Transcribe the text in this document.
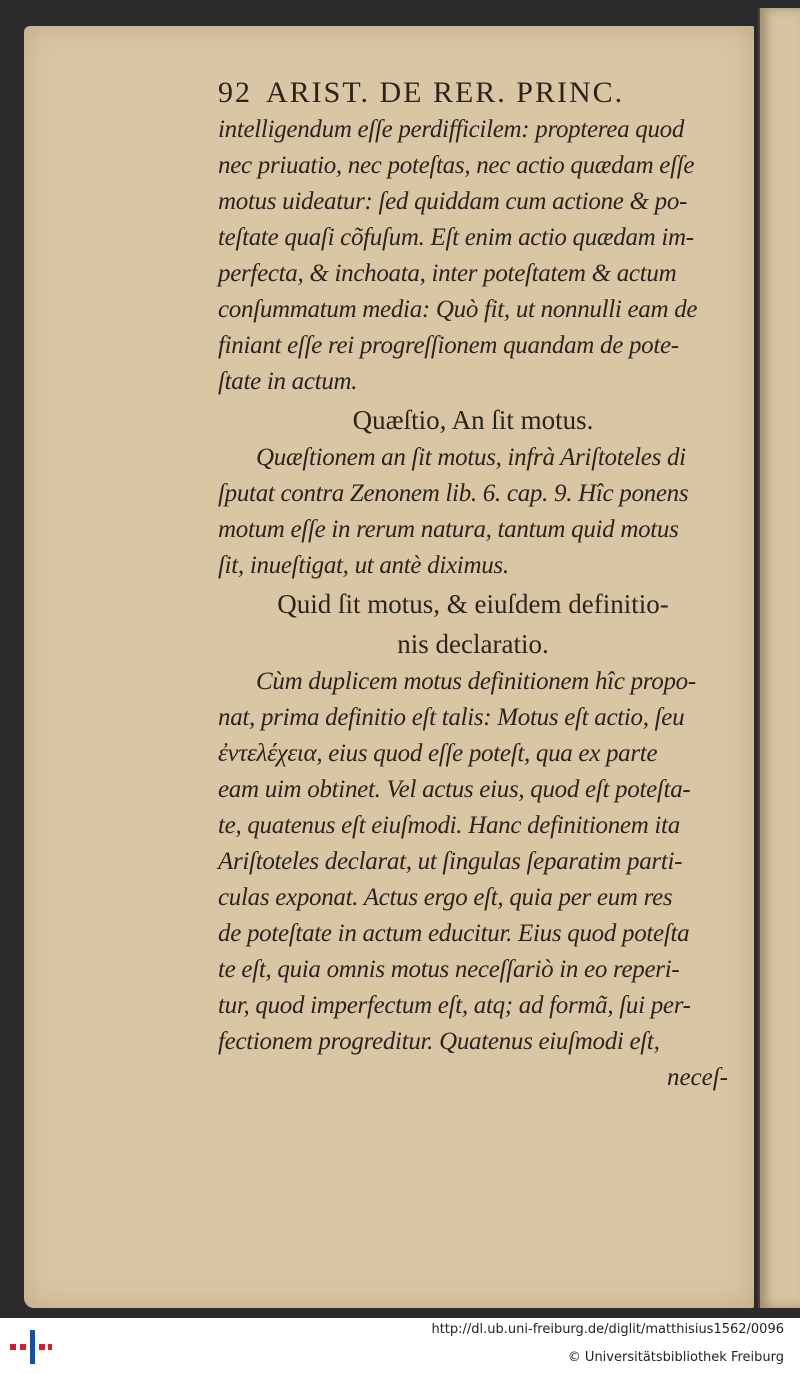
92 ARIST. DE RER. PRINC.
intelligendum eſſe perdifficilem: propterea quod
nec priuatio, nec poteſtas, nec actio quædam eſſe
motus uideatur: ſed quiddam cum actione & po-
teſtate quaſi cõfuſum. Eſt enim actio quædam im-
perfecta, & inchoata, inter poteſtatem & actum
conſummatum media: Quò fit, ut nonnulli eam de
finiant eſſe rei progreſſionem quandam de pote-
ſtate in actum.
Quæſtio, An ſit motus.
Quæſtionem an ſit motus, infrà Ariſtoteles di
ſputat contra Zenonem lib. 6. cap. 9. Hîc ponens
motum eſſe in rerum natura, tantum quid motus
ſit, inueſtigat, ut antè diximus.
Quid ſit motus, & eiuſdem definitio-
nis declaratio.
Cùm duplicem motus definitionem hîc propo-
nat, prima definitio eſt talis: Motus eſt actio, ſeu
ἐντελέχεια, eius quod eſſe poteſt, qua ex parte
eam uim obtinet. Vel actus eius, quod eſt poteſta-
te, quatenus eſt eiuſmodi. Hanc definitionem ita
Ariſtoteles declarat, ut ſingulas ſeparatim parti-
culas exponat. Actus ergo eſt, quia per eum res
de poteſtate in actum educitur. Eius quod poteſta
te eſt, quia omnis motus neceſſariò in eo reperi-
tur, quod imperfectum eſt, atq; ad formã, ſui per-
fectionem progreditur. Quatenus eiuſmodi eſt,
neceſ-
http://dl.ub.uni-freiburg.de/diglit/matthisius1562/0096
© Universitätsbibliothek Freiburg
